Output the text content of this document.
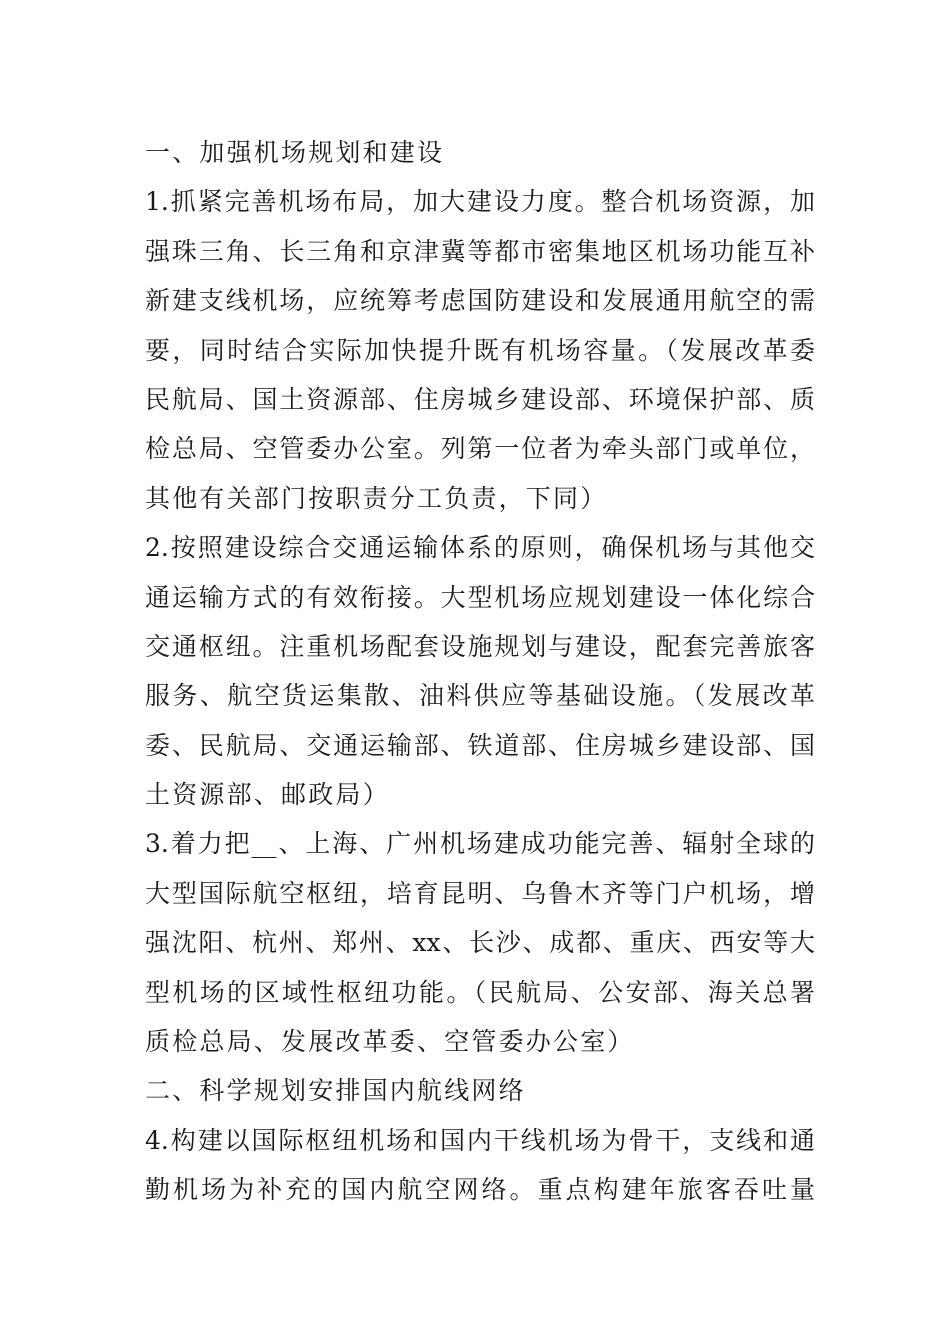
一、加强机场规划和建设
1.抓紧完善机场布局，加大建设力度。整合机场资源，加
强珠三角、长三角和京津冀等都市密集地区机场功能互补
新建支线机场，应统筹考虑国防建设和发展通用航空的需
要，同时结合实际加快提升既有机场容量。（发展改革委
民航局、国土资源部、住房城乡建设部、环境保护部、质
检总局、空管委办公室。列第一位者为牵头部门或单位，
其他有关部门按职责分工负责，下同）
2.按照建设综合交通运输体系的原则，确保机场与其他交
通运输方式的有效衔接。大型机场应规划建设一体化综合
交通枢纽。注重机场配套设施规划与建设，配套完善旅客
服务、航空货运集散、油料供应等基础设施。（发展改革
委、民航局、交通运输部、铁道部、住房城乡建设部、国
土资源部、邮政局）
3.着力把__、上海、广州机场建成功能完善、辐射全球的
大型国际航空枢纽，培育昆明、乌鲁木齐等门户机场，增
强沈阳、杭州、郑州、xx、长沙、成都、重庆、西安等大
型机场的区域性枢纽功能。（民航局、公安部、海关总署
质检总局、发展改革委、空管委办公室）
二、科学规划安排国内航线网络
4.构建以国际枢纽机场和国内干线机场为骨干，支线和通
勤机场为补充的国内航空网络。重点构建年旅客吞吐量
